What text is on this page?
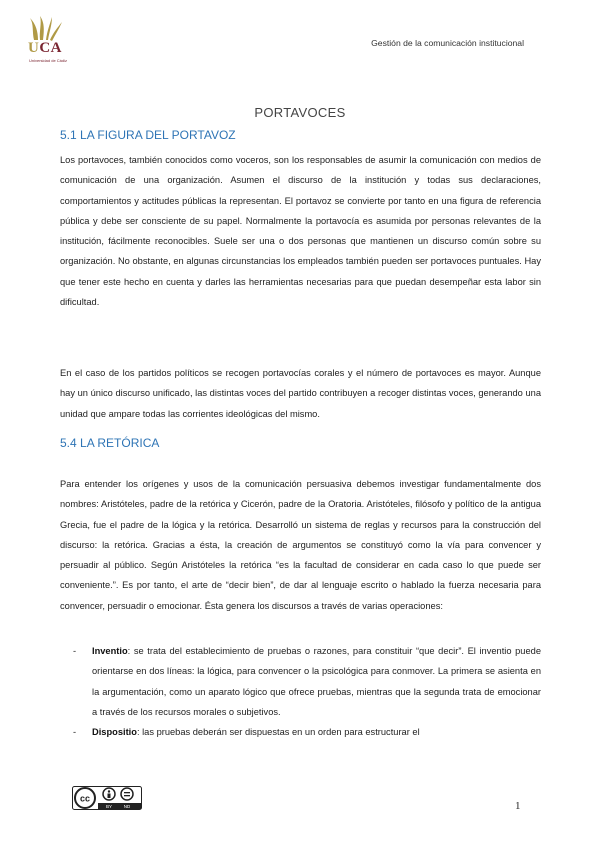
UCA
Universidad de Cádiz
Gestión de la comunicación institucional
PORTAVOCES
5.1 LA FIGURA DEL PORTAVOZ

Los portavoces, también conocidos como voceros, son los responsables de asumir la comunicación con medios de comunicación de una organización. Asumen el discurso de la institución y todas sus declaraciones, comportamientos y actitudes públicas la representan. El portavoz se convierte por tanto en una figura de referencia pública y debe ser consciente de su papel. Normalmente la portavocía es asumida por personas relevantes de la institución, fácilmente reconocibles. Suele ser una o dos personas que mantienen un discurso común sobre su organización. No obstante, en algunas circunstancias los empleados también pueden ser portavoces puntuales. Hay que tener este hecho en cuenta y darles las herramientas necesarias para que puedan desempeñar esta labor sin dificultad.

En el caso de los partidos políticos se recogen portavocías corales y el número de portavoces es mayor. Aunque hay un único discurso unificado, las distintas voces del partido contribuyen a recoger distintas voces, generando una unidad que ampare todas las corrientes ideológicas del mismo.

5.4 LA RETÓRICA

Para entender los orígenes y usos de la comunicación persuasiva debemos investigar fundamentalmente dos nombres: Aristóteles, padre de la retórica y Cicerón, padre de la Oratoria. Aristóteles, filósofo y político de la antigua Grecia, fue el padre de la lógica y la retórica. Desarrolló un sistema de reglas y recursos para la construcción del discurso: la retórica. Gracias a ésta, la creación de argumentos se constituyó como la vía para convencer y persuadir al público. Según Aristóteles la retórica “es la facultad de considerar en cada caso lo que puede ser conveniente.”. Es por tanto, el arte de “decir bien”, de dar al lenguaje escrito o hablado la fuerza necesaria para convencer, persuadir o emocionar. Ésta genera los discursos a través de varias operaciones:

- Inventio: se trata del establecimiento de pruebas o razones, para constituir “que decir”. El inventio puede orientarse en dos líneas: la lógica, para convencer o la psicológica para conmover. La primera se asienta en la argumentación, como un aparato lógico que ofrece pruebas, mientras que la segunda trata de emocionar a través de los recursos morales o subjetivos.
- Dispositio: las pruebas deberán ser dispuestas en un orden para estructurar el
cc
BY	ND	1
